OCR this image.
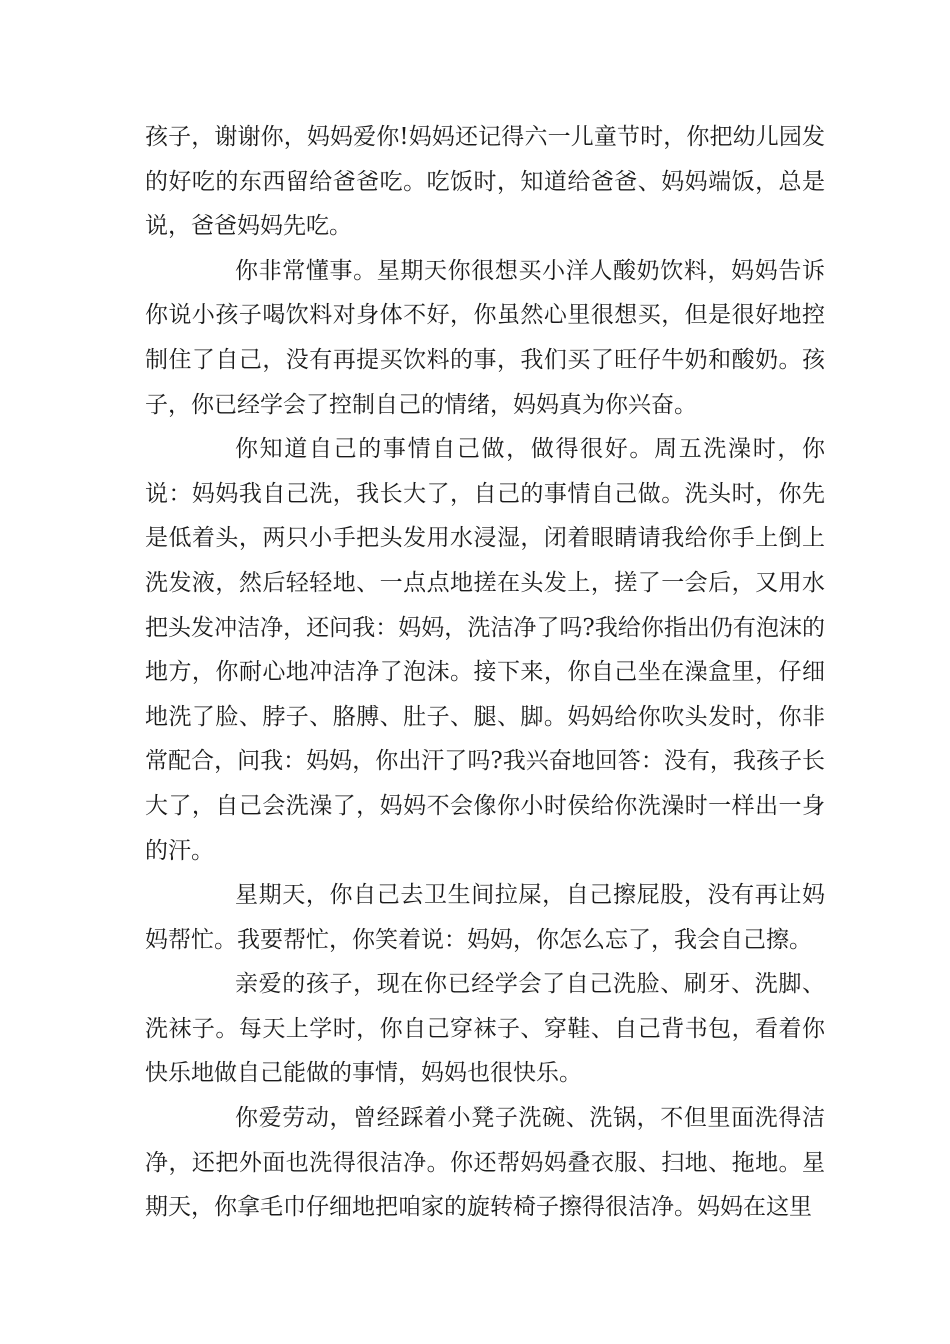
孩子，谢谢你，妈妈爱你!妈妈还记得六一儿童节时，你把幼儿园发的好吃的东西留给爸爸吃。吃饭时，知道给爸爸、妈妈端饭，总是说，爸爸妈妈先吃。

你非常懂事。星期天你很想买小洋人酸奶饮料，妈妈告诉你说小孩子喝饮料对身体不好，你虽然心里很想买，但是很好地控制住了自己，没有再提买饮料的事，我们买了旺仔牛奶和酸奶。孩子，你已经学会了控制自己的情绪，妈妈真为你兴奋。

你知道自己的事情自己做，做得很好。周五洗澡时，你说：妈妈我自己洗，我长大了，自己的事情自己做。洗头时，你先是低着头，两只小手把头发用水浸湿，闭着眼睛请我给你手上倒上洗发液，然后轻轻地、一点点地搓在头发上，搓了一会后，又用水把头发冲洁净，还问我：妈妈，洗洁净了吗?我给你指出仍有泡沫的地方，你耐心地冲洁净了泡沫。接下来，你自己坐在澡盒里，仔细地洗了脸、脖子、胳膊、肚子、腿、脚。妈妈给你吹头发时，你非常配合，问我：妈妈，你出汗了吗?我兴奋地回答：没有，我孩子长大了，自己会洗澡了，妈妈不会像你小时侯给你洗澡时一样出一身的汗。

星期天，你自己去卫生间拉屎，自己擦屁股，没有再让妈妈帮忙。我要帮忙，你笑着说：妈妈，你怎么忘了，我会自己擦。

亲爱的孩子，现在你已经学会了自己洗脸、刷牙、洗脚、洗袜子。每天上学时，你自己穿袜子、穿鞋、自己背书包，看着你快乐地做自己能做的事情，妈妈也很快乐。

你爱劳动，曾经踩着小凳子洗碗、洗锅，不但里面洗得洁净，还把外面也洗得很洁净。你还帮妈妈叠衣服、扫地、拖地。星期天，你拿毛巾仔细地把咱家的旋转椅子擦得很洁净。妈妈在这里
